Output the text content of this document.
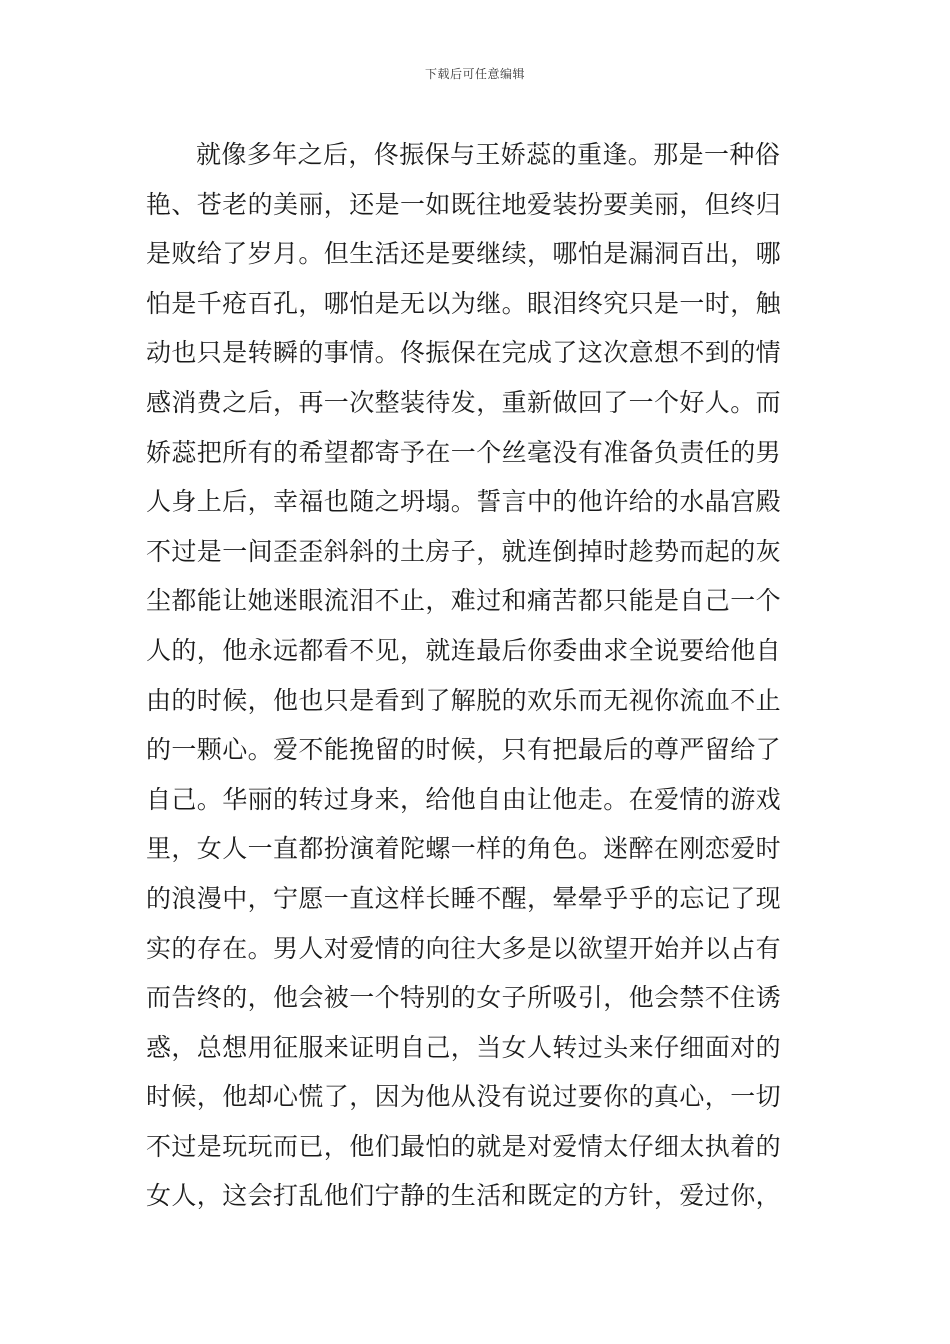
下载后可任意编辑
就像多年之后，佟振保与王娇蕊的重逢。那是一种俗
艳、苍老的美丽，还是一如既往地爱装扮要美丽，但终归
是败给了岁月。但生活还是要继续，哪怕是漏洞百出，哪
怕是千疮百孔，哪怕是无以为继。眼泪终究只是一时，触
动也只是转瞬的事情。佟振保在完成了这次意想不到的情
感消费之后，再一次整装待发，重新做回了一个好人。而
娇蕊把所有的希望都寄予在一个丝毫没有准备负责任的男
人身上后，幸福也随之坍塌。誓言中的他许给的水晶宫殿
不过是一间歪歪斜斜的土房子，就连倒掉时趁势而起的灰
尘都能让她迷眼流泪不止，难过和痛苦都只能是自己一个
人的，他永远都看不见，就连最后你委曲求全说要给他自
由的时候，他也只是看到了解脱的欢乐而无视你流血不止
的一颗心。爱不能挽留的时候，只有把最后的尊严留给了
自己。华丽的转过身来，给他自由让他走。在爱情的游戏
里，女人一直都扮演着陀螺一样的角色。迷醉在刚恋爱时
的浪漫中，宁愿一直这样长睡不醒，晕晕乎乎的忘记了现
实的存在。男人对爱情的向往大多是以欲望开始并以占有
而告终的，他会被一个特别的女子所吸引，他会禁不住诱
惑，总想用征服来证明自己，当女人转过头来仔细面对的
时候，他却心慌了，因为他从没有说过要你的真心，一切
不过是玩玩而已，他们最怕的就是对爱情太仔细太执着的
女人，这会打乱他们宁静的生活和既定的方针，爱过你，
